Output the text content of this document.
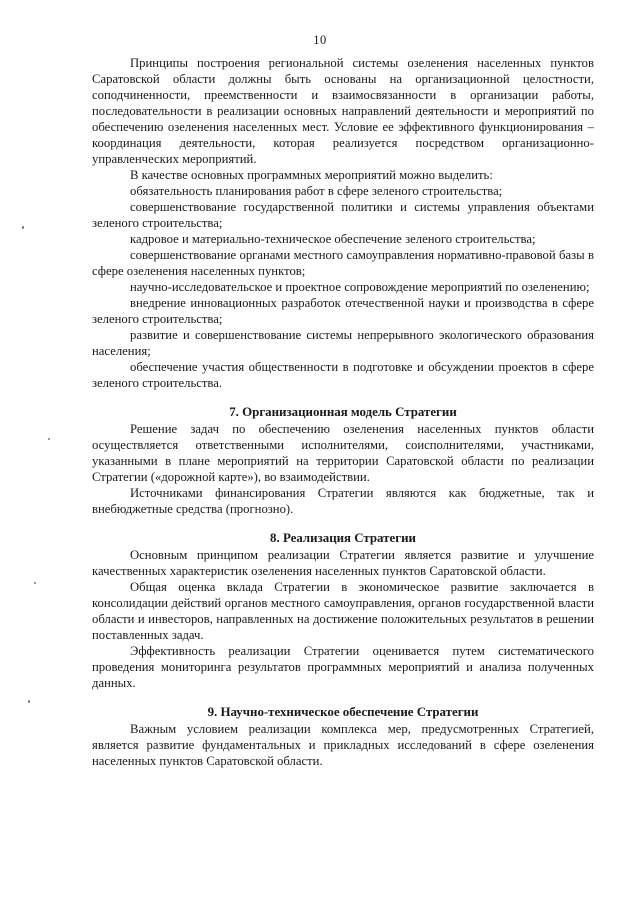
10

Принципы построения региональной системы озеленения населенных пунктов Саратовской области должны быть основаны на организационной целостности, соподчиненности, преемственности и взаимосвязанности в организации работы, последовательности в реализации основных направлений деятельности и мероприятий по обеспечению озеленения населенных мест. Условие ее эффективного функционирования – координация деятельности, которая реализуется посредством организационно-управленческих мероприятий.

В качестве основных программных мероприятий можно выделить:

обязательность планирования работ в сфере зеленого строительства;

совершенствование государственной политики и системы управления объектами зеленого строительства;

кадровое и материально-техническое обеспечение зеленого строительства;

совершенствование органами местного самоуправления нормативно-правовой базы в сфере озеленения населенных пунктов;

научно-исследовательское и проектное сопровождение мероприятий по озеленению;

внедрение инновационных разработок отечественной науки и производства в сфере зеленого строительства;

развитие и совершенствование системы непрерывного экологического образования населения;

обеспечение участия общественности в подготовке и обсуждении проектов в сфере зеленого строительства.

7. Организационная модель Стратегии

Решение задач по обеспечению озеленения населенных пунктов области осуществляется ответственными исполнителями, соисполнителями, участниками, указанными в плане мероприятий на территории Саратовской области по реализации Стратегии («дорожной карте»), во взаимодействии.

Источниками финансирования Стратегии являются как бюджетные, так и внебюджетные средства (прогнозно).

8. Реализация Стратегии

Основным принципом реализации Стратегии является развитие и улучшение качественных характеристик озеленения населенных пунктов Саратовской области.

Общая оценка вклада Стратегии в экономическое развитие заключается в консолидации действий органов местного самоуправления, органов государственной власти области и инвесторов, направленных на достижение положительных результатов в решении поставленных задач.

Эффективность реализации Стратегии оценивается путем систематического проведения мониторинга результатов программных мероприятий и анализа полученных данных.

9. Научно-техническое обеспечение Стратегии

Важным условием реализации комплекса мер, предусмотренных Стратегией, является развитие фундаментальных и прикладных исследований в сфере озеленения населенных пунктов Саратовской области.
